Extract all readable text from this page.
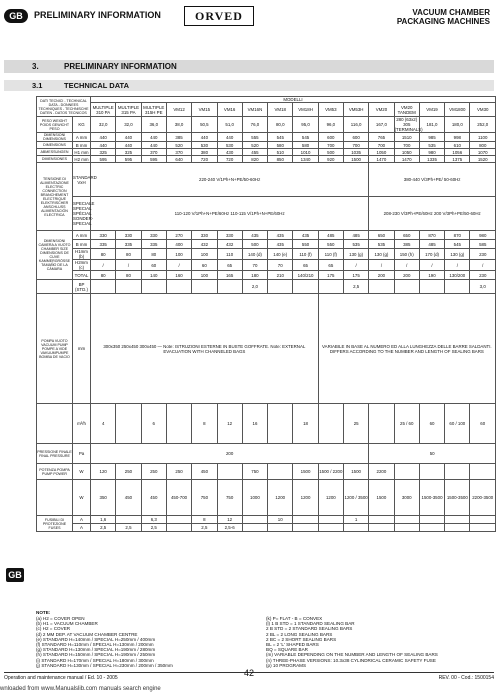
GB	PRELIMINARY INFORMATION	ORVED	VACUUM CHAMBER
PACKAGING MACHINES
3.	PRELIMINARY INFORMATION
3.1	TECHNICAL DATA
DATI TECNICI - TECHNICAL DATA - DONNEES TECHNIQUES - TECHNISCHE DATEN - DATOS TECNICOS		MODELLI															
		MULTIPLE 310 PA	MULTIPLE 315 PA	MULTIPLE 315H PE	VM12	VM15	VM16	VM16N	VM18	VM18H	VM53	VM53H	VM20	VM20 TANDEM	VM19	VM1800	VM30
PESO WEIGHT POIDS GEWICHT PESO	KG	32,0	32,0	36,0	38,0	50,5	51,0	76,0	80,0	95,0	96,0	116,0	167,0	280 (63x2) 305 (TERMINALS)	181,0	180,0	252,0
DIMENSIONI DIMENSIONS	A mm	440	440	440	385	440	440	555	545	545	600	600	765	1510	985	998	1100
DIMENSIONS	B mm	440	440	440	520	530	530	520	580	580	700	700	700	700	535	610	800
ABMESSUNGEN	H1 mm	325	325	370	370	380	430	455	510	1010	500	1035	1050	1050	980	1056	1070
DIMENSIONES	H2 mm	595	595	595	640	720	720	820	850	1340	920	1500	1470	1470	1335	1375	1520
TENSIONE DI ALIMENTAZIONE ELECTRIC CONNECTION BRANCHEMENT ELECTRIQUE ELEKTRISCHER ANSCHLUSS ALIMENTACIÓN ELECTRICA	STANDARD VxH	220-240 V/1Ph+N+PE/50-60Hz											380-440 V/3Ph+PE/ 50-60Hz				
	SPECIALE SPECIAL SPÉCIAL SONDER- SPECIAL	110-120 V/1Ph+N+PE/60Hz 110-115 V/1Ph+N+PE/60Hz											208-230 V/3Ph+PE/60Hz 200 V/3Ph+PE/50-60Hz				
DIMENSIONI CAMERA A VUOTO CHAMBER SIZE DIMENSIONS DE CUVE KAMMERGRÖSSE TAMAÑO DE LA CÁMARA	A mm	330	330	330	270	330	330	435	435	435	485	485	650	650	870	870	980
	B mm	335	335	335	400	432	432	500	435	550	550	535	535	385	485	545	585
	H1mm (b)	80	80	80	100	100	110	140 (d)	140 (e)	110 (f)	110 (f)	130 (g)	130 (g)	150 (h)	170 (d)	130 (g)	230
	H2mm (c)	/	/	60	/	60	65	70	70	65	65	/	/	/	/	/	/
	TOTAL	80	80	140	160	100	165	180	210	140/210	175	175	200	200	190	130/200	230
	BP (STD.)							2,0				2,5					3,0
POMPA VUOTO VACUUM PUMP POMPE A VIDE VAKUUMPUMPE BOMBA DE VACIO	mm	300x350 250x450 300x450 — Note: ISTRUZIONI ESTERNE IN BUSTE GOFFRATE. Note: EXTERNAL EVACUATION WITH CHANNELED BAGS									VARIABILE IN BASE AL NUMERO ED ALLA LUNGHEZZA DELLE BARRE SALDANTI. DIFFERS ACCORDING TO THE NUMBER AND LENGTH OF SEALING BARS						
	m³/h	4		6		8	12	16		18		25		25 / 60	60	60 / 100	60
PRESSIONE FINALE FINAL PRESSURE	Pa	200											50				
POTENZA POMPA PUMP POWER	W	120	250	250	250	450		750		1500	1500 / 2200	1500	2200				
	W	350	450	450	450-700	750	750	1000	1200	1200	1200	1200 / 3500	1500	3000	1500-3500	1500-3500	2200-3500
FUSIBILI DI PROTEZIONE FUSES	A	1,6		6,3		8	12		10			1					
	A	2,5	2,5	2,5		2,5	2,5-6										
GB
NOTE:
(a) H2 = COVER OPEN
(b) H1 = VACUUM CHAMBER
(c) H2 = COVER
(d) 2 MM DEP. AT VACUUM CHAMBER CENTRE
(e) STANDARD H=140mm / SPECIAL H=250mm / 400mm
(f) STANDARD H=110mm / SPECIAL H=130mm / 200mm
(g) STANDARD H=130mm / SPECIAL H=190mm / 280mm
(h) STANDARD H=150mm / SPECIAL H=190mm / 250mm
(i) STANDARD H=170mm / SPECIAL H=180mm / 300mm
(j) STANDARD H=130mm / SPECIAL H=230mm / 200mm / 350mm
(k) P= FLAT - B = CONVEX
(l) 1 B STD = 1 STANDARD SEALING BAR
2 B STD = 2 STANDARD SEALING BARS
2 BL = 2 LONG SEALING BARS
2 BC = 2 SHORT SEALING BARS
BL = 2 'L' SHAPED BARS
BQ = SQUARE BAR
(m) VARIABLE DEPENDING ON THE NUMBER AND LENGTH OF SEALING BARS
(n) THREE-PHASE VERSIONS: 10.3x38 CYLINDRICAL CERAMIC SAFETY FUSE
(p) 10 PROGRAMS
Operation and maintenance manual / Ed. 10 - 2005	REV. 00 - Cod.: 1500154
42
wnloaded from www.Manualslib.com manuals search engine
